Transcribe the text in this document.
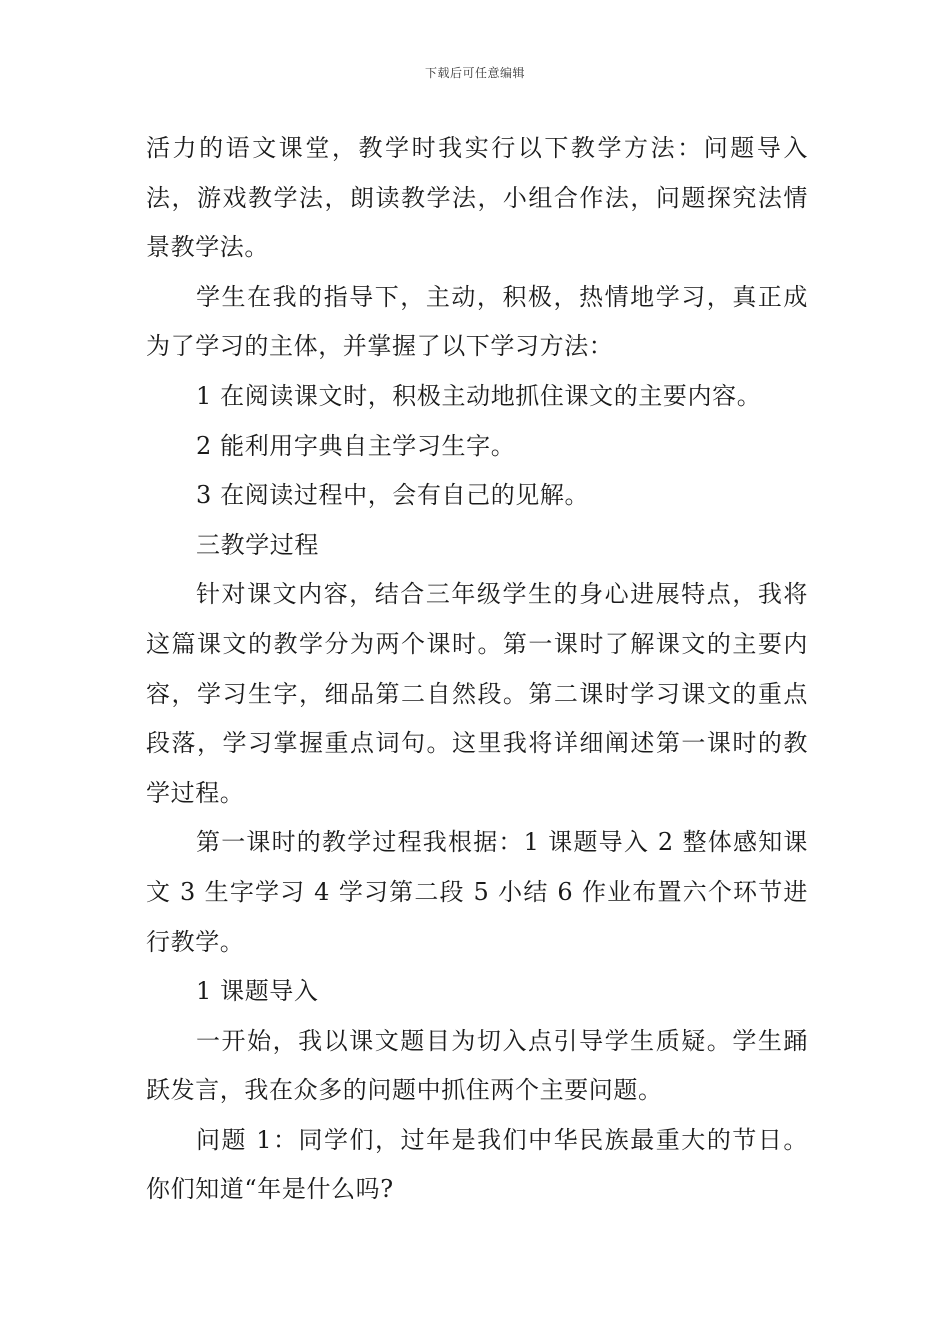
下载后可任意编辑

活力的语文课堂，教学时我实行以下教学方法：问题导入法，游戏教学法，朗读教学法，小组合作法，问题探究法情景教学法。

学生在我的指导下，主动，积极，热情地学习，真正成为了学习的主体，并掌握了以下学习方法：

1 在阅读课文时，积极主动地抓住课文的主要内容。

2 能利用字典自主学习生字。

3 在阅读过程中，会有自己的见解。

三教学过程

针对课文内容，结合三年级学生的身心进展特点，我将这篇课文的教学分为两个课时。第一课时了解课文的主要内容，学习生字，细品第二自然段。第二课时学习课文的重点段落，学习掌握重点词句。这里我将详细阐述第一课时的教学过程。

第一课时的教学过程我根据：1 课题导入 2 整体感知课文 3 生字学习 4 学习第二段 5 小结 6 作业布置六个环节进行教学。

1 课题导入

一开始，我以课文题目为切入点引导学生质疑。学生踊跃发言，我在众多的问题中抓住两个主要问题。

问题 1：同学们，过年是我们中华民族最重大的节日。你们知道“年是什么吗?
